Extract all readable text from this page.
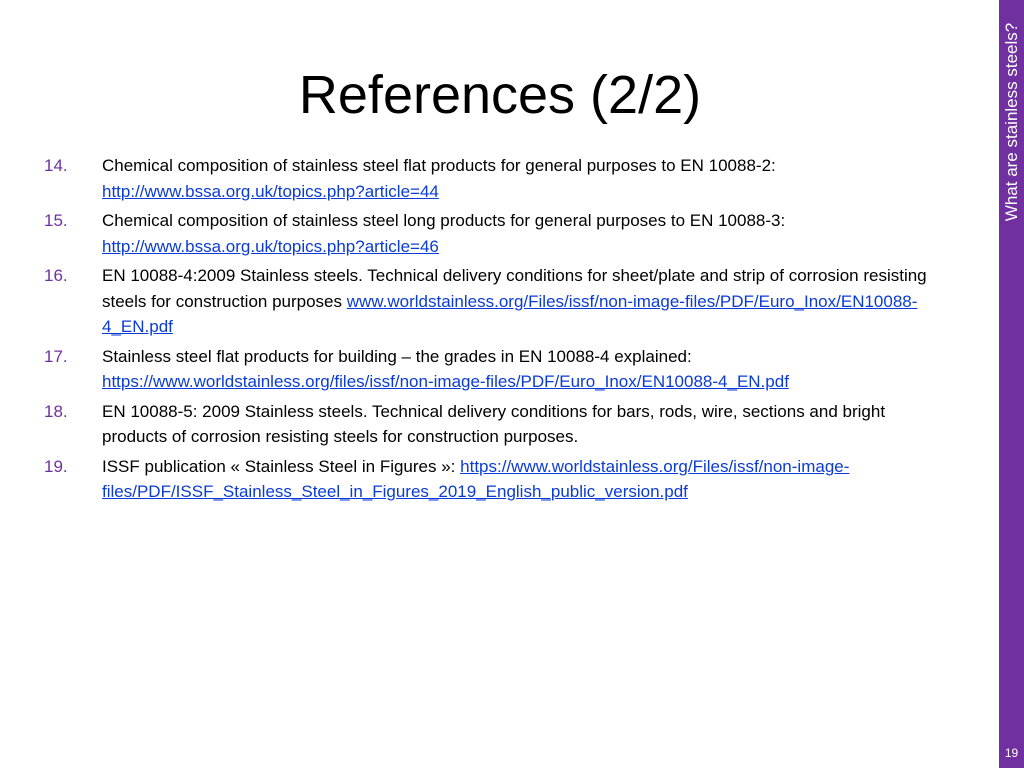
References (2/2)
14. Chemical composition of stainless steel flat products for general purposes to EN 10088-2: http://www.bssa.org.uk/topics.php?article=44
15. Chemical composition of stainless steel long products for general purposes to EN 10088-3: http://www.bssa.org.uk/topics.php?article=46
16. EN 10088-4:2009 Stainless steels. Technical delivery conditions for sheet/plate and strip of corrosion resisting steels for construction purposes www.worldstainless.org/Files/issf/non-image-files/PDF/Euro_Inox/EN10088-4_EN.pdf
17. Stainless steel flat products for building – the grades in EN 10088-4 explained: https://www.worldstainless.org/files/issf/non-image-files/PDF/Euro_Inox/EN10088-4_EN.pdf
18. EN 10088-5: 2009 Stainless steels. Technical delivery conditions for bars, rods, wire, sections and bright products of corrosion resisting steels for construction purposes.
19. ISSF publication « Stainless Steel in Figures »: https://www.worldstainless.org/Files/issf/non-image-files/PDF/ISSF_Stainless_Steel_in_Figures_2019_English_public_version.pdf
What are stainless steels?
19
